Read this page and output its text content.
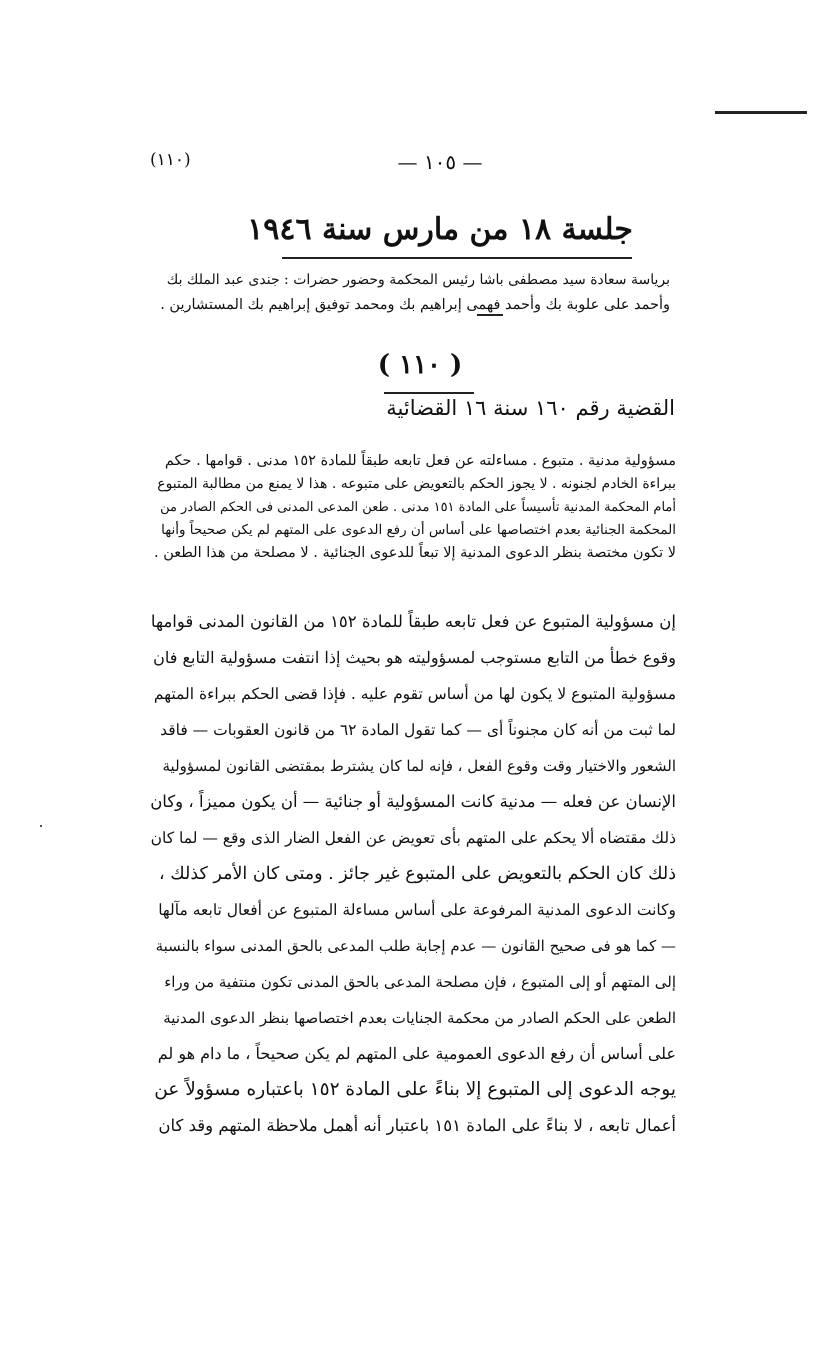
(١١٠)	— ١٠٥ —
جلسة ١٨ من مارس سنة ١٩٤٦

برياسة سعادة سيد مصطفى باشا رئيس المحكمة وحضور حضرات : جندى عبد الملك بك

وأحمد على علوبة بك وأحمد فهمى إبراهيم بك ومحمد توفيق إبراهيم بك المستشارين .

( ١١٠ )
القضية رقم ١٦٠ سنة ١٦ القضائية

مسؤولية مدنية . متبوع . مساءلته عن فعل تابعه طبقاً للمادة ١٥٢ مدنى . قوامها . حكم

ببراءة الخادم لجنونه . لا يجوز الحكم بالتعويض على متبوعه . هذا لا يمنع من مطالبة المتبوع

أمام المحكمة المدنية تأسيساً على المادة ١٥١ مدنى . طعن المدعى المدنى فى الحكم الصادر من

المحكمة الجنائية بعدم اختصاصها على أساس أن رفع الدعوى على المتهم لم يكن صحيحاً وأنها

لا تكون مختصة بنظر الدعوى المدنية إلا تبعاً للدعوى الجنائية . لا مصلحة من هذا الطعن .

إن مسؤولية المتبوع عن فعل تابعه طبقاً للمادة ١٥٢ من القانون المدنى قوامها

وقوع خطأ من التابع مستوجب لمسؤوليته هو بحيث إذا انتفت مسؤولية التابع فان

مسؤولية المتبوع لا يكون لها من أساس تقوم عليه . فإذا قضى الحكم ببراءة المتهم

لما ثبت من أنه كان مجنوناً أى — كما تقول المادة ٦٢ من قانون العقوبات — فاقد

الشعور والاختيار وقت وقوع الفعل ، فإنه لما كان يشترط بمقتضى القانون لمسؤولية

الإنسان عن فعله — مدنية كانت المسؤولية أو جنائية — أن يكون مميزاً ، وكان

ذلك مقتضاه ألا يحكم على المتهم بأى تعويض عن الفعل الضار الذى وقع — لما كان

ذلك كان الحكم بالتعويض على المتبوع غير جائز . ومتى كان الأمر كذلك ،

وكانت الدعوى المدنية المرفوعة على أساس مساءلة المتبوع عن أفعال تابعه مآلها

— كما هو فى صحيح القانون — عدم إجابة طلب المدعى بالحق المدنى سواء بالنسبة

إلى المتهم أو إلى المتبوع ، فإن مصلحة المدعى بالحق المدنى تكون منتفية من وراء

الطعن على الحكم الصادر من محكمة الجنايات بعدم اختصاصها بنظر الدعوى المدنية

على أساس أن رفع الدعوى العمومية على المتهم لم يكن صحيحاً ، ما دام هو لم

يوجه الدعوى إلى المتبوع إلا بناءً على المادة ١٥٢ باعتباره مسؤولاً عن

أعمال تابعه ، لا بناءً على المادة ١٥١ باعتبار أنه أهمل ملاحظة المتهم وقد كان
